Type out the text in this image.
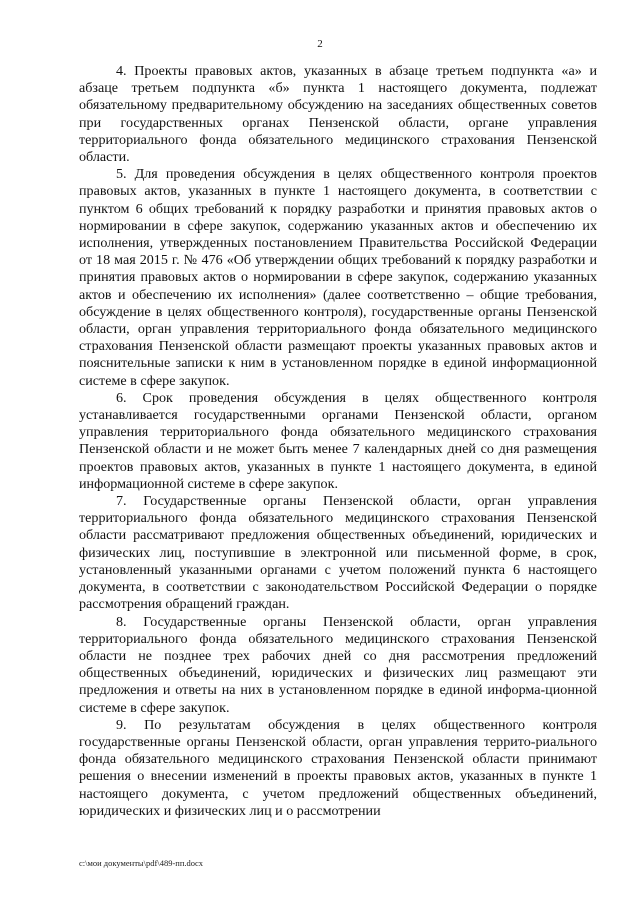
2

4. Проекты правовых актов, указанных в абзаце третьем подпункта «а» и абзаце третьем подпункта «б» пункта 1 настоящего документа, подлежат обязательному предварительному обсуждению на заседаниях общественных советов при государственных органах Пензенской области, органе управления территориального фонда обязательного медицинского страхования Пензенской области.

5. Для проведения обсуждения в целях общественного контроля проектов правовых актов, указанных в пункте 1 настоящего документа, в соответствии с пунктом 6 общих требований к порядку разработки и принятия правовых актов о нормировании в сфере закупок, содержанию указанных актов и обеспечению их исполнения, утвержденных постановлением Правительства Российской Федерации от 18 мая 2015 г. № 476 «Об утверждении общих требований к порядку разработки и принятия правовых актов о нормировании в сфере закупок, содержанию указанных актов и обеспечению их исполнения» (далее соответственно – общие требования, обсуждение в целях общественного контроля), государственные органы Пензенской области, орган управления территориального фонда обязательного медицинского страхования Пензенской области размещают проекты указанных правовых актов и пояснительные записки к ним в установленном порядке в единой информационной системе в сфере закупок.

6. Срок проведения обсуждения в целях общественного контроля устанавливается государственными органами Пензенской области, органом управления территориального фонда обязательного медицинского страхования Пензенской области и не может быть менее 7 календарных дней со дня размещения проектов правовых актов, указанных в пункте 1 настоящего документа, в единой информационной системе в сфере закупок.

7. Государственные органы Пензенской области, орган управления территориального фонда обязательного медицинского страхования Пензенской области рассматривают предложения общественных объединений, юридических и физических лиц, поступившие в электронной или письменной форме, в срок, установленный указанными органами с учетом положений пункта 6 настоящего документа, в соответствии с законодательством Российской Федерации о порядке рассмотрения обращений граждан.

8. Государственные органы Пензенской области, орган управления территориального фонда обязательного медицинского страхования Пензенской области не позднее трех рабочих дней со дня рассмотрения предложений общественных объединений, юридических и физических лиц размещают эти предложения и ответы на них в установленном порядке в единой информа-ционной системе в сфере закупок.

9. По результатам обсуждения в целях общественного контроля государственные органы Пензенской области, орган управления террито-риального фонда обязательного медицинского страхования Пензенской области принимают решения о внесении изменений в проекты правовых актов, указанных в пункте 1 настоящего документа, с учетом предложений общественных объединений, юридических и физических лиц и о рассмотрении

c:\мои документы\pdf\489-пп.docx
